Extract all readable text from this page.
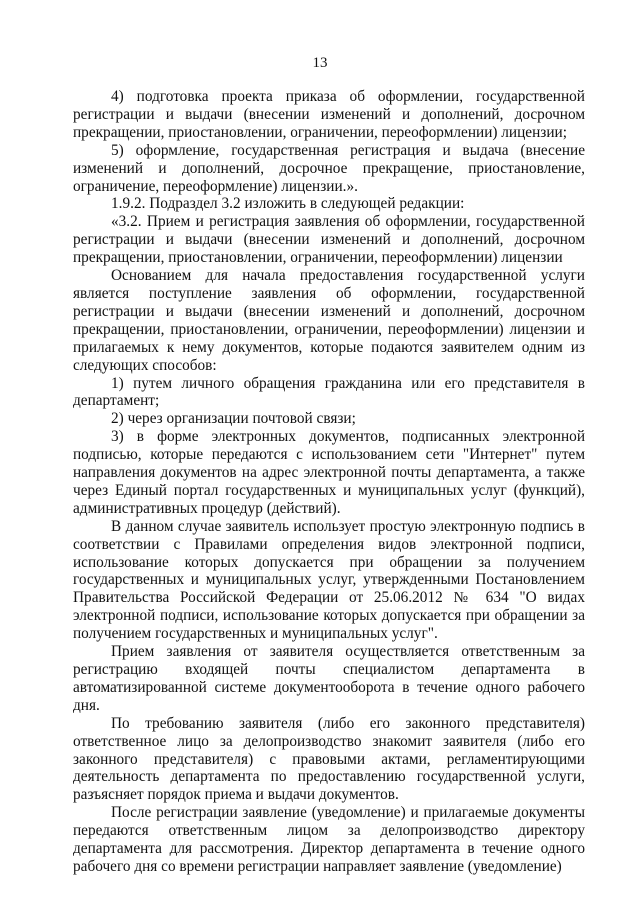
13

4) подготовка проекта приказа об оформлении, государственной регистрации и выдачи (внесении изменений и дополнений, досрочном прекращении, приостановлении, ограничении, переоформлении) лицензии;

5) оформление, государственная регистрация и выдача (внесение изменений и дополнений, досрочное прекращение, приостановление, ограничение, переоформление) лицензии.».

1.9.2. Подраздел 3.2 изложить в следующей редакции:

«3.2. Прием и регистрация заявления об оформлении, государственной регистрации и выдачи (внесении изменений и дополнений, досрочном прекращении, приостановлении, ограничении, переоформлении) лицензии

Основанием для начала предоставления государственной услуги является поступление заявления об оформлении, государственной регистрации и выдачи (внесении изменений и дополнений, досрочном прекращении, приостановлении, ограничении, переоформлении) лицензии и прилагаемых к нему документов, которые подаются заявителем одним из следующих способов:

1) путем личного обращения гражданина или его представителя в департамент;

2) через организации почтовой связи;

3) в форме электронных документов, подписанных электронной подписью, которые передаются с использованием сети "Интернет" путем направления документов на адрес электронной почты департамента, а также через Единый портал государственных и муниципальных услуг (функций), административных процедур (действий).

В данном случае заявитель использует простую электронную подпись в соответствии с Правилами определения видов электронной подписи, использование которых допускается при обращении за получением государственных и муниципальных услуг, утвержденными Постановлением Правительства Российской Федерации от 25.06.2012 № 634 "О видах электронной подписи, использование которых допускается при обращении за получением государственных и муниципальных услуг".

Прием заявления от заявителя осуществляется ответственным за регистрацию входящей почты специалистом департамента в автоматизированной системе документооборота в течение одного рабочего дня.

По требованию заявителя (либо его законного представителя) ответственное лицо за делопроизводство знакомит заявителя (либо его законного представителя) с правовыми актами, регламентирующими деятельность департамента по предоставлению государственной услуги, разъясняет порядок приема и выдачи документов.

После регистрации заявление (уведомление) и прилагаемые документы передаются ответственным лицом за делопроизводство директору департамента для рассмотрения. Директор департамента в течение одного рабочего дня со времени регистрации направляет заявление (уведомление)
